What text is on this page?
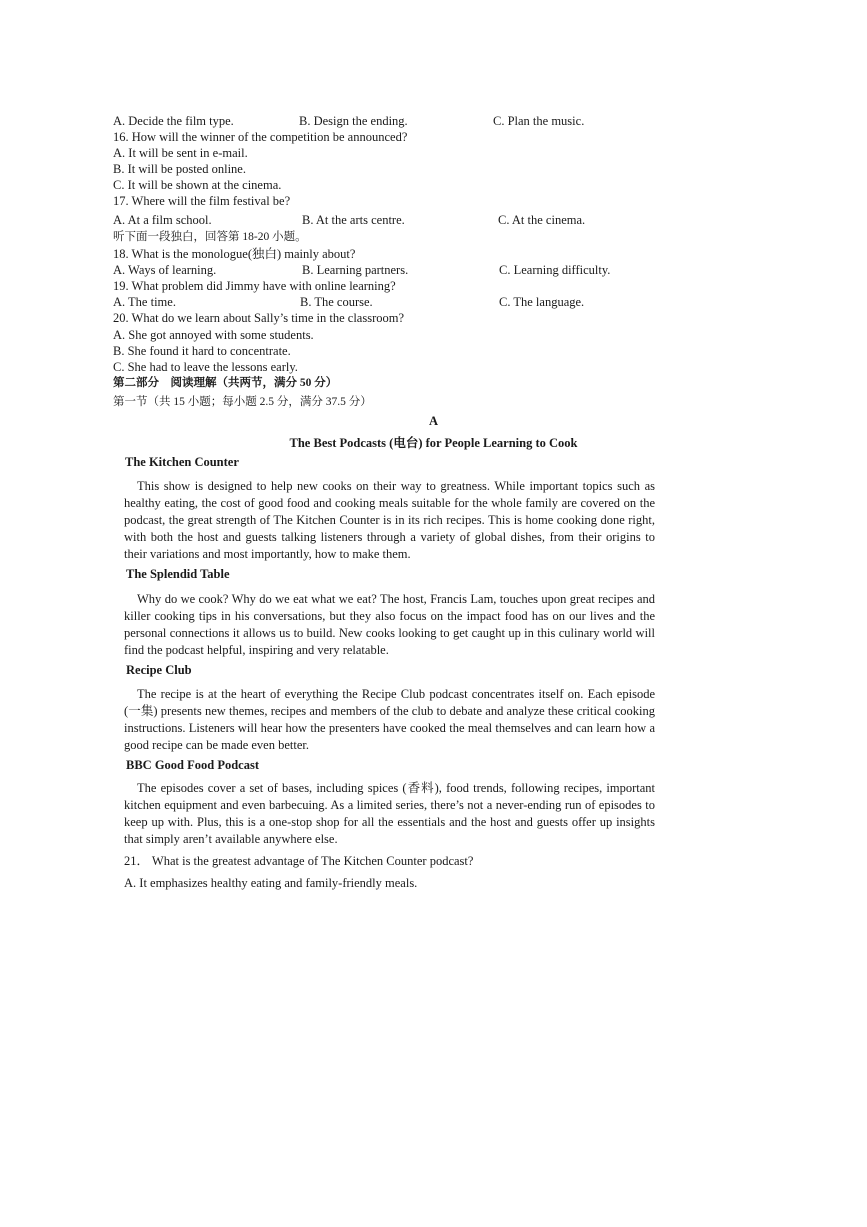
A. Decide the film type.	B. Design the ending.	C. Plan the music.
16. How will the winner of the competition be announced?
A. It will be sent in e-mail.
B. It will be posted online.
C. It will be shown at the cinema.
17. Where will the film festival be?
A. At a film school.	B. At the arts centre.	C. At the cinema.
听下面一段独白，回答第 18-20 小题。
18. What is the monologue(独白) mainly about?
A. Ways of learning.	B. Learning partners.	C. Learning difficulty.
19. What problem did Jimmy have with online learning?
A. The time.	B. The course.	C. The language.
20. What do we learn about Sally’s time in the classroom?
A. She got annoyed with some students.
B. She found it hard to concentrate.
C. She had to leave the lessons early.
第二部分　阅读理解（共两节，满分 50 分）
第一节（共 15 小题；每小题 2.5 分，满分 37.5 分）
A
The Best Podcasts (电台) for People Learning to Cook
The Kitchen Counter

This show is designed to help new cooks on their way to greatness. While important topics such as healthy eating, the cost of good food and cooking meals suitable for the whole family are covered on the podcast, the great strength of The Kitchen Counter is in its rich recipes. This is home cooking done right, with both the host and guests talking listeners through a variety of global dishes, from their origins to their variations and most importantly, how to make them.

The Splendid Table

Why do we cook? Why do we eat what we eat? The host, Francis Lam, touches upon great recipes and killer cooking tips in his conversations, but they also focus on the impact food has on our lives and the personal connections it allows us to build. New cooks looking to get caught up in this culinary world will find the podcast helpful, inspiring and very relatable.

Recipe Club

The recipe is at the heart of everything the Recipe Club podcast concentrates itself on. Each episode (一集) presents new themes, recipes and members of the club to debate and analyze these critical cooking instructions. Listeners will hear how the presenters have cooked the meal themselves and can learn how a good recipe can be made even better.

BBC Good Food Podcast

The episodes cover a set of bases, including spices (香料), food trends, following recipes, important kitchen equipment and even barbecuing. As a limited series, there’s not a never-ending run of episodes to keep up with. Plus, this is a one-stop shop for all the essentials and the host and guests offer up insights that simply aren’t available anywhere else.

21． What is the greatest advantage of The Kitchen Counter podcast?
A. It emphasizes healthy eating and family-friendly meals.
